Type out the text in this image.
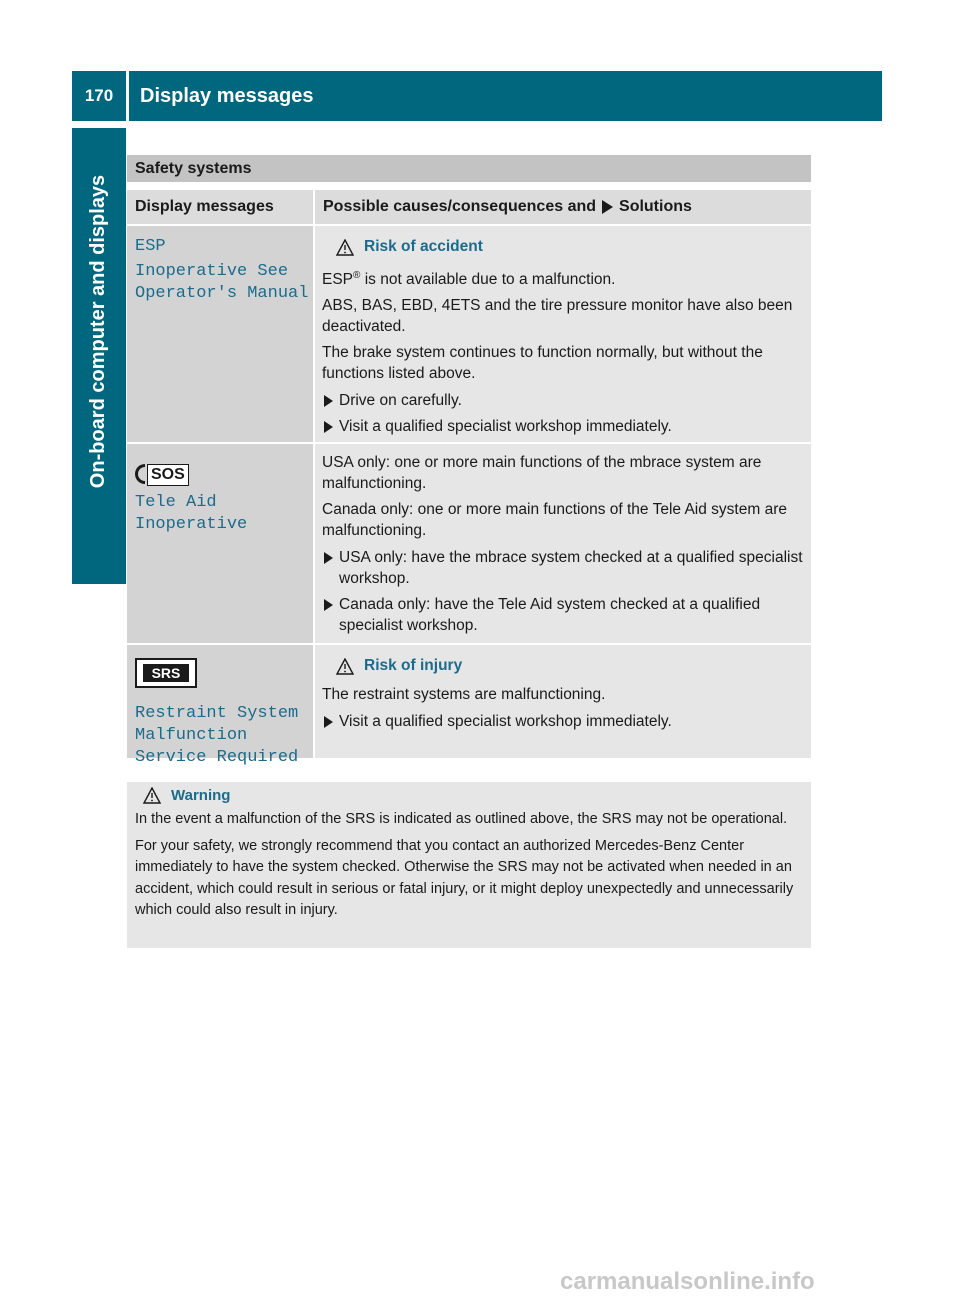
170	Display messages
On-board computer and displays
Safety systems
Display messages	Possible causes/consequences and Solutions
ESP
Inoperative See
Operator's Manual
Risk of accident
ESP® is not available due to a malfunction.
ABS, BAS, EBD, 4ETS and the tire pressure monitor have also been deactivated.
The brake system continues to function normally, but without the functions listed above.
Drive on carefully.
Visit a qualified specialist workshop immediately.
SOS
Tele Aid
Inoperative
USA only: one or more main functions of the mbrace system are malfunctioning.
Canada only: one or more main functions of the Tele Aid system are malfunctioning.
USA only: have the mbrace system checked at a qualified specialist workshop.
Canada only: have the Tele Aid system checked at a qualified specialist workshop.
SRS
Restraint System
Malfunction
Service Required
Risk of injury
The restraint systems are malfunctioning.
Visit a qualified specialist workshop immediately.
Warning
In the event a malfunction of the SRS is indicated as outlined above, the SRS may not be operational.
For your safety, we strongly recommend that you contact an authorized Mercedes-Benz Center immediately to have the system checked. Otherwise the SRS may not be activated when needed in an accident, which could result in serious or fatal injury, or it might deploy unexpectedly and unnecessarily which could also result in injury.
carmanualsonline.info
